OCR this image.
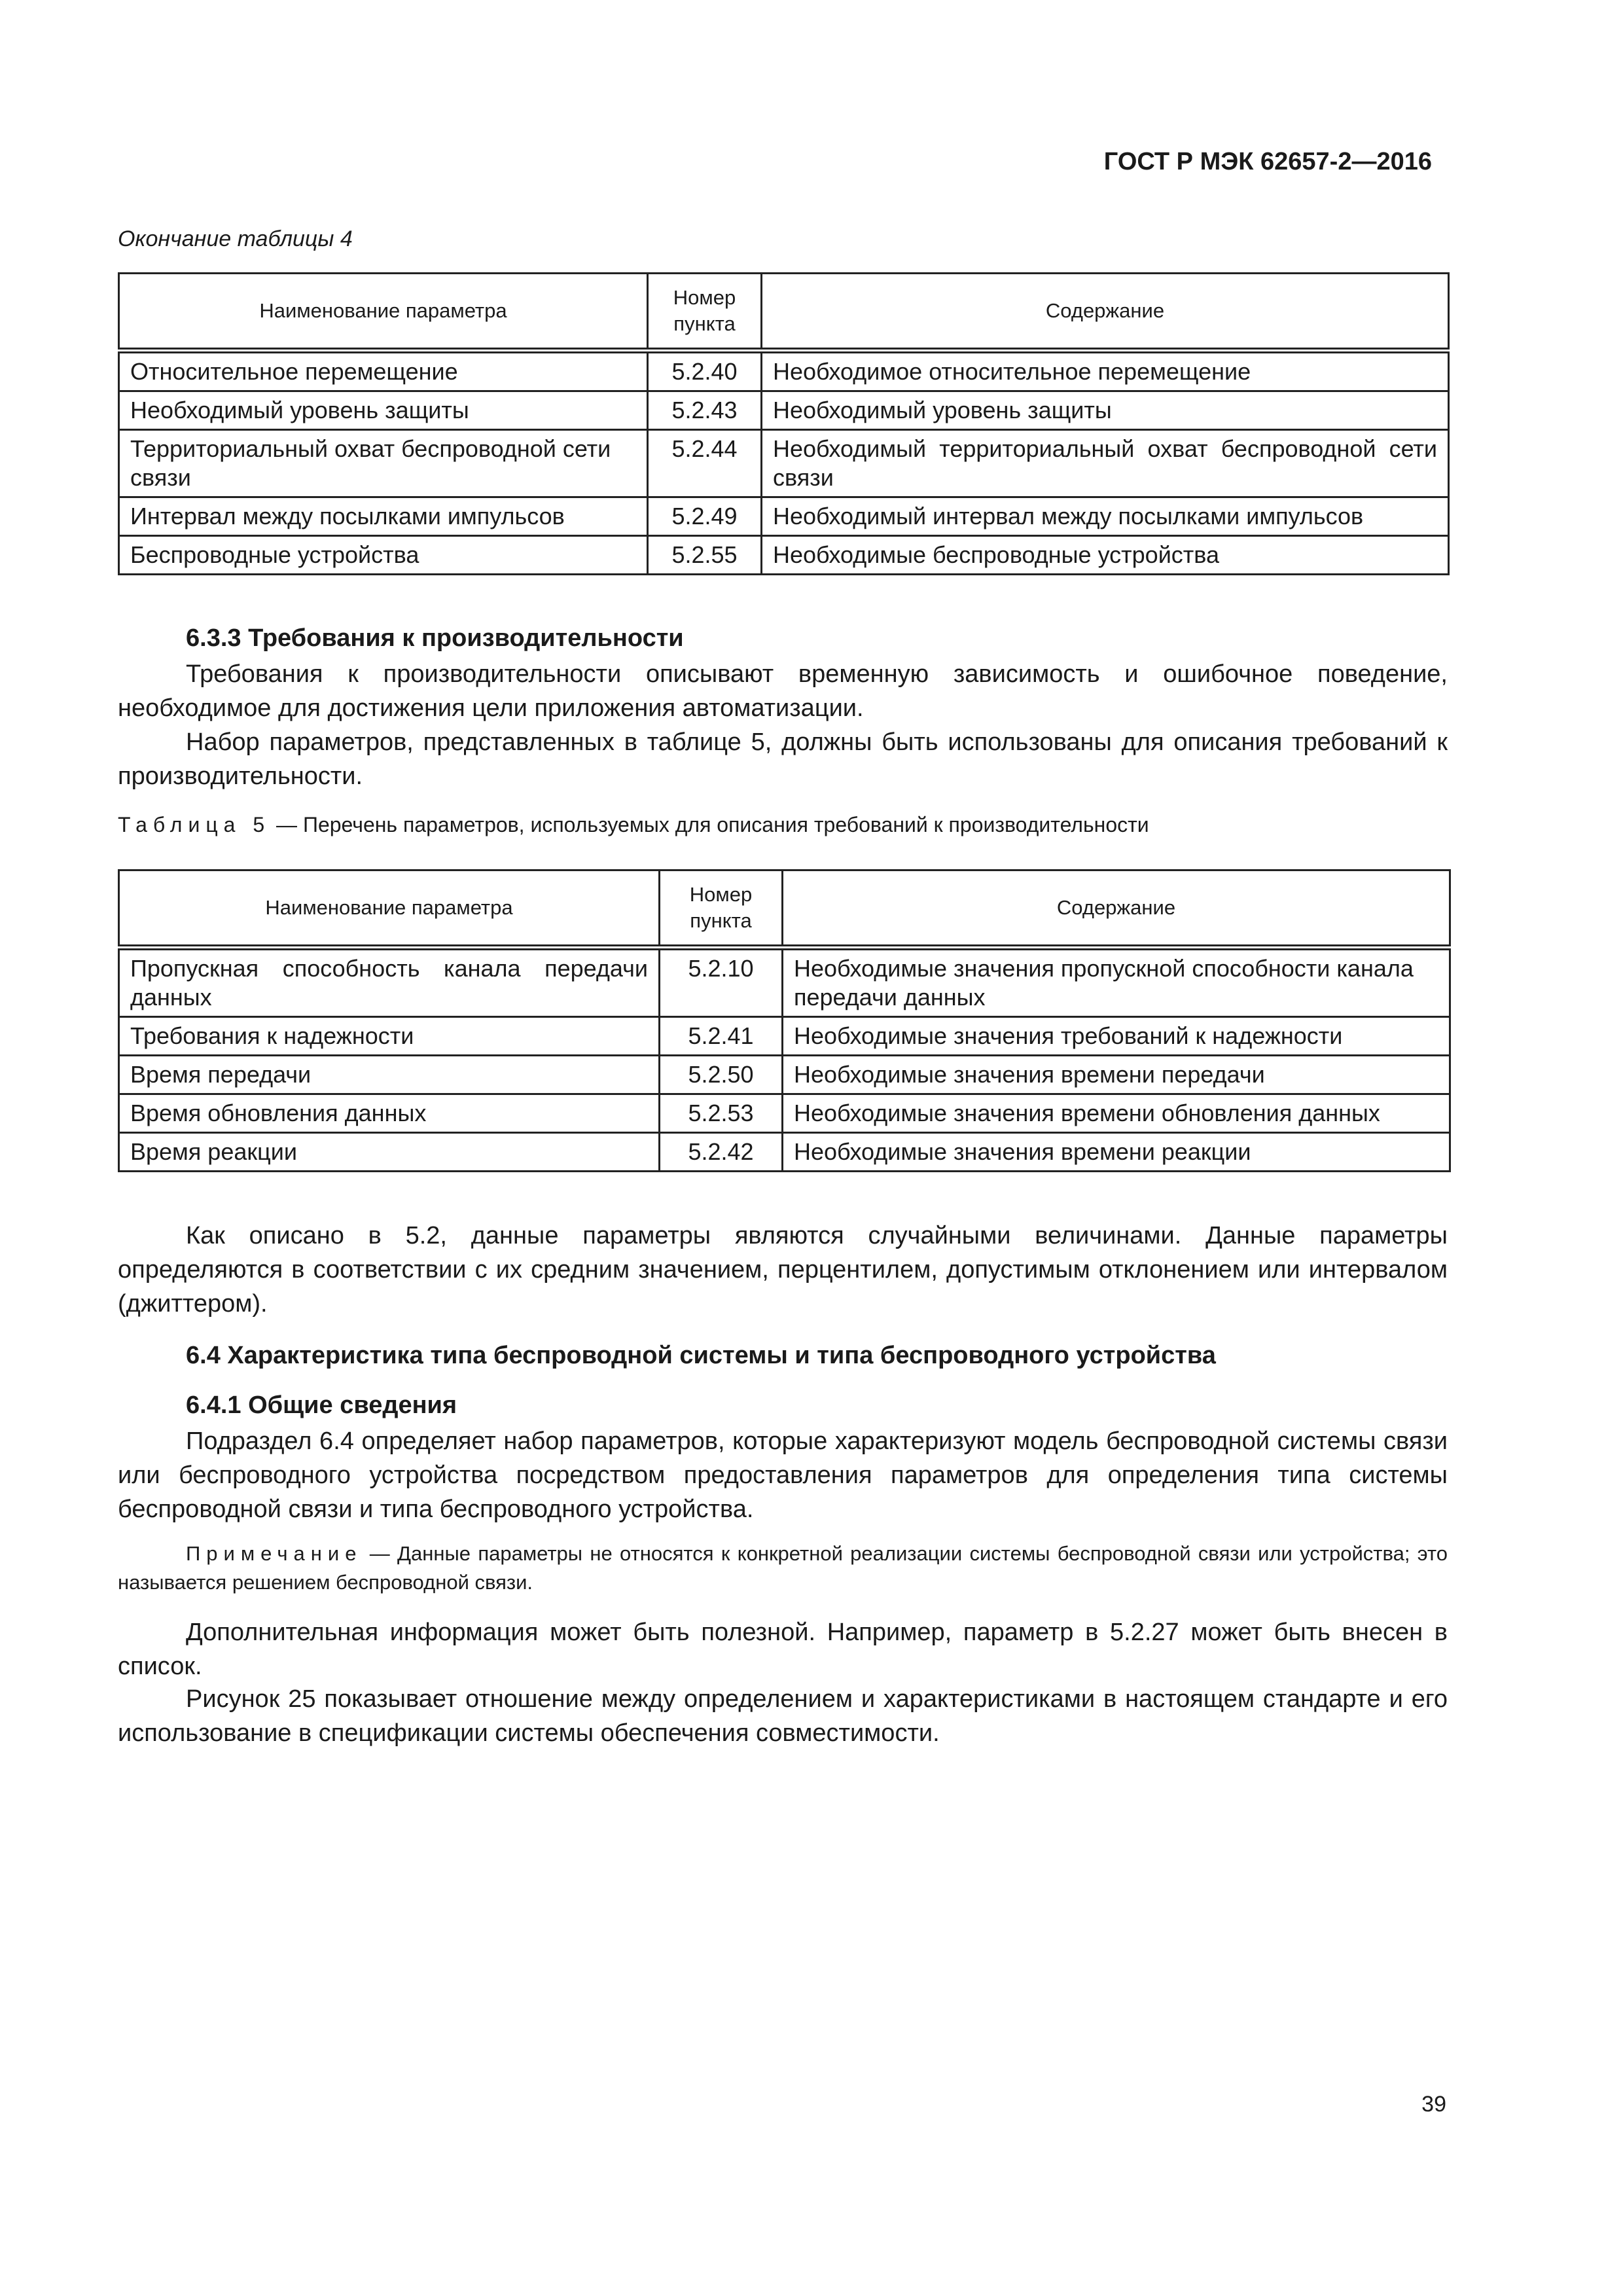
ГОСТ Р МЭК 62657-2—2016
Окончание таблицы 4
Наименование параметра	Номер пункта	Содержание
Относительное перемещение	5.2.40	Необходимое относительное перемещение
Необходимый уровень защиты	5.2.43	Необходимый уровень защиты
Территориальный охват беспроводной сети связи	5.2.44	Необходимый территориальный охват беспроводной сети связи
Интервал между посылками импульсов	5.2.49	Необходимый интервал между посылками импульсов
Беспроводные устройства	5.2.55	Необходимые беспроводные устройства
6.3.3 Требования к производительности
Требования к производительности описывают временную зависимость и ошибочное поведение, необходимое для достижения цели приложения автоматизации.
Набор параметров, представленных в таблице 5, должны быть использованы для описания требований к производительности.
Таблица 5 — Перечень параметров, используемых для описания требований к производительности
Наименование параметра	Номер пункта	Содержание
Пропускная способность канала передачи данных	5.2.10	Необходимые значения пропускной способности канала передачи данных
Требования к надежности	5.2.41	Необходимые значения требований к надежности
Время передачи	5.2.50	Необходимые значения времени передачи
Время обновления данных	5.2.53	Необходимые значения времени обновления данных
Время реакции	5.2.42	Необходимые значения времени реакции
Как описано в 5.2, данные параметры являются случайными величинами. Данные параметры определяются в соответствии с их средним значением, перцентилем, допустимым отклонением или интервалом (джиттером).
6.4 Характеристика типа беспроводной системы и типа беспроводного устройства
6.4.1 Общие сведения
Подраздел 6.4 определяет набор параметров, которые характеризуют модель беспроводной системы связи или беспроводного устройства посредством предоставления параметров для определения типа системы беспроводной связи и типа беспроводного устройства.
Примечание — Данные параметры не относятся к конкретной реализации системы беспроводной связи или устройства; это называется решением беспроводной связи.
Дополнительная информация может быть полезной. Например, параметр в 5.2.27 может быть внесен в список.
Рисунок 25 показывает отношение между определением и характеристиками в настоящем стандарте и его использование в спецификации системы обеспечения совместимости.
39
